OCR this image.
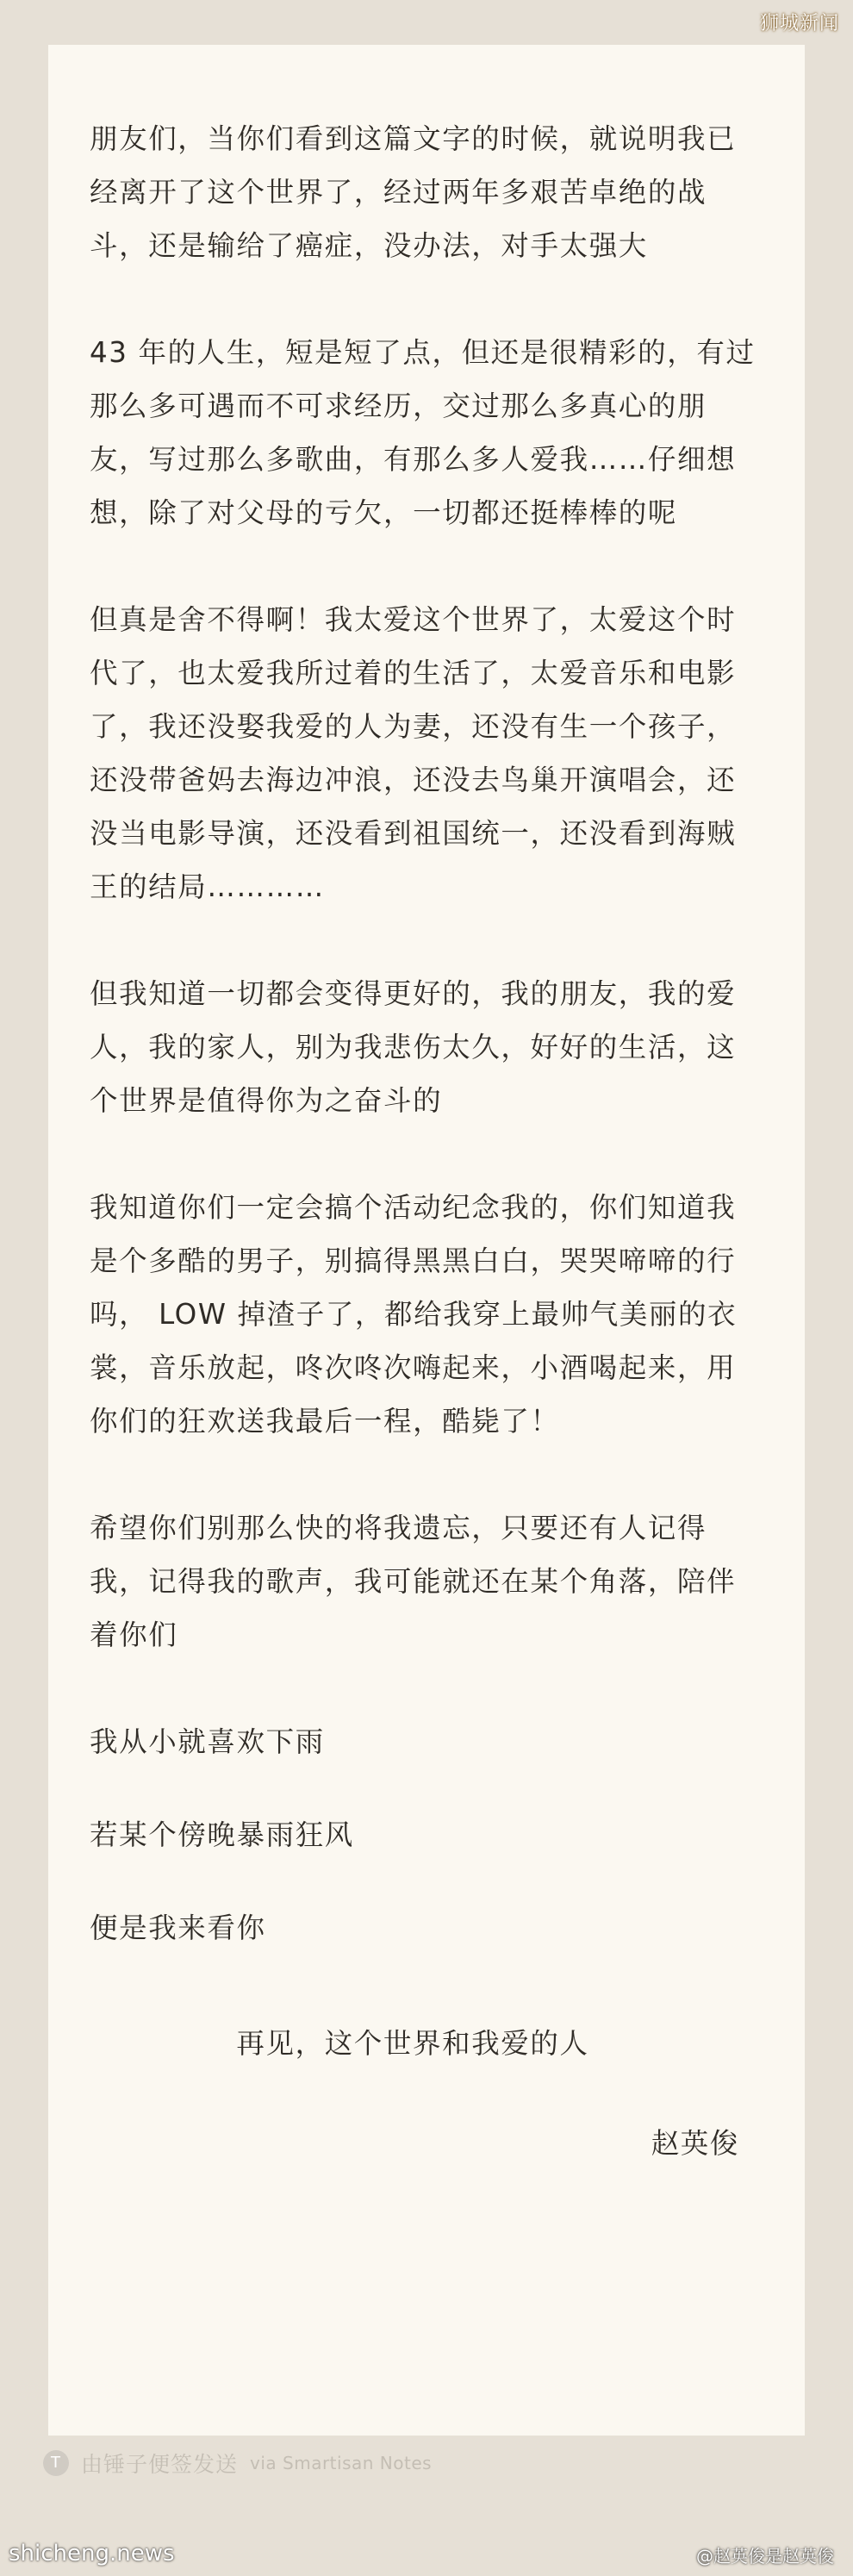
狮城新闻

朋友们，当你们看到这篇文字的时候，就说明我已经离开了这个世界了，经过两年多艰苦卓绝的战斗，还是输给了癌症，没办法，对手太强大

43 年的人生，短是短了点，但还是很精彩的，有过那么多可遇而不可求经历，交过那么多真心的朋友，写过那么多歌曲，有那么多人爱我……仔细想想，除了对父母的亏欠，一切都还挺棒棒的呢

但真是舍不得啊！我太爱这个世界了，太爱这个时代了，也太爱我所过着的生活了，太爱音乐和电影了，我还没娶我爱的人为妻，还没有生一个孩子，还没带爸妈去海边冲浪，还没去鸟巢开演唱会，还没当电影导演，还没看到祖国统一，还没看到海贼王的结局…………

但我知道一切都会变得更好的，我的朋友，我的爱人，我的家人，别为我悲伤太久，好好的生活，这个世界是值得你为之奋斗的

我知道你们一定会搞个活动纪念我的，你们知道我是个多酷的男子，别搞得黑黑白白，哭哭啼啼的行吗， LOW 掉渣子了，都给我穿上最帅气美丽的衣裳，音乐放起，咚次咚次嗨起来，小酒喝起来，用你们的狂欢送我最后一程，酷毙了！

希望你们别那么快的将我遗忘，只要还有人记得我，记得我的歌声，我可能就还在某个角落，陪伴着你们

我从小就喜欢下雨

若某个傍晚暴雨狂风

便是我来看你

再见，这个世界和我爱的人

赵英俊

T 由锤子便签发送 via Smartisan Notes
shicheng.news	@赵英俊是赵英俊
